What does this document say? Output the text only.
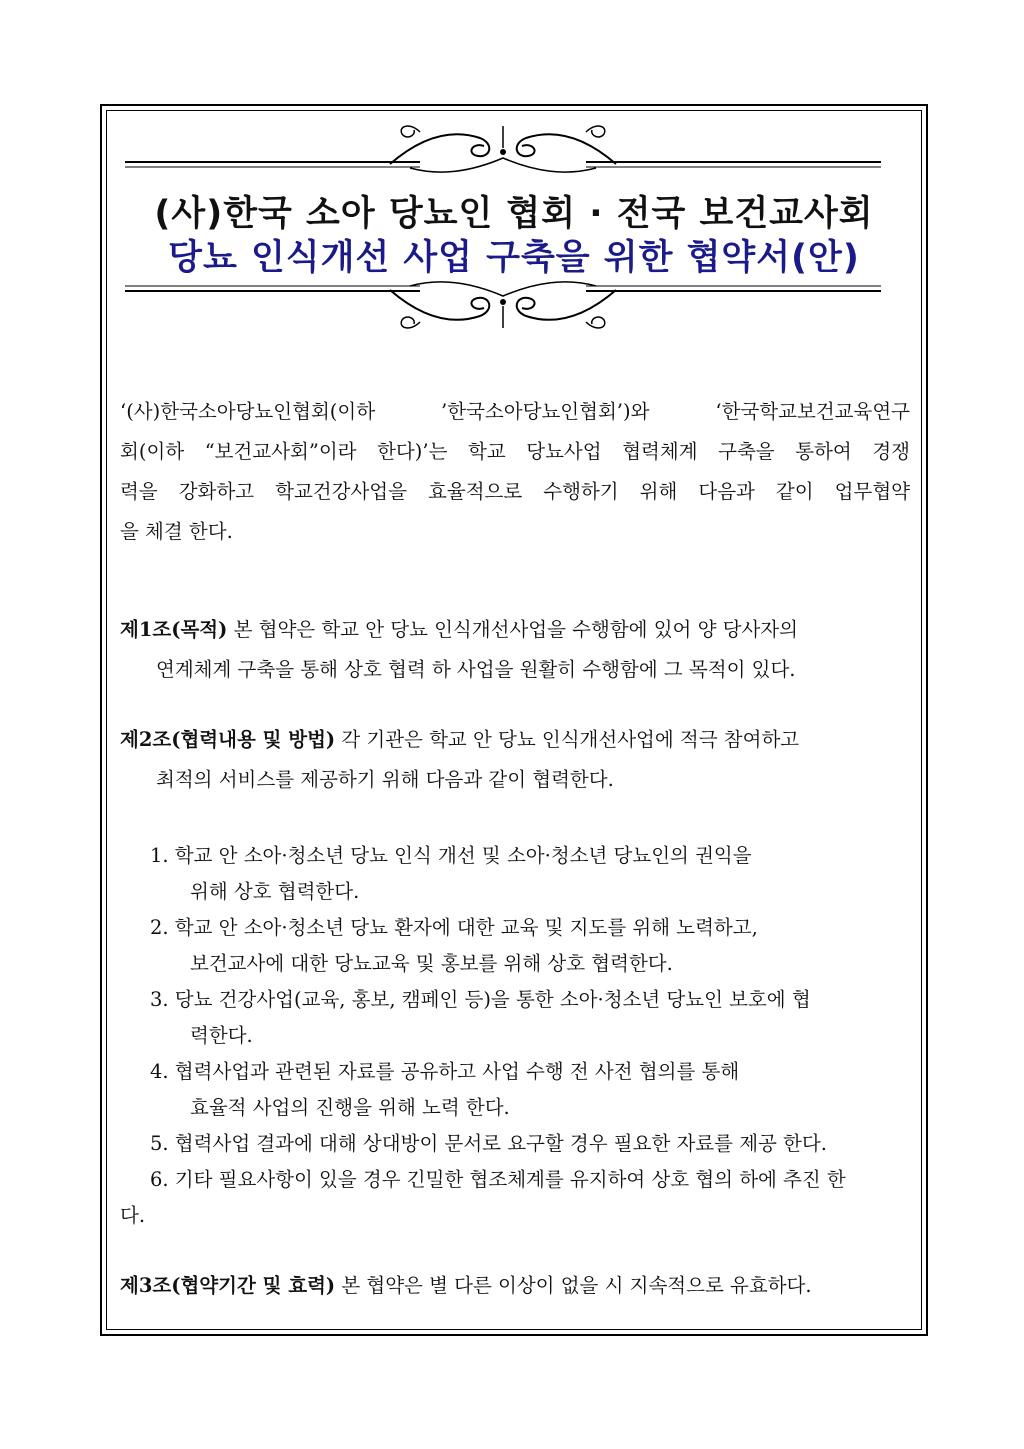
(사)한국 소아 당뇨인 협회 · 전국 보건교사회
당뇨 인식개선 사업 구축을 위한 협약서(안)
‘(사)한국소아당뇨인협회(이하 ’한국소아당뇨인협회’)와 ‘한국학교보건교육연구
회(이하 “보건교사회”이라 한다)’는 학교 당뇨사업 협력체계 구축을 통하여 경쟁
력을 강화하고 학교건강사업을 효율적으로 수행하기 위해 다음과 같이 업무협약
을 체결 한다.
제1조(목적) 본 협약은 학교 안 당뇨 인식개선사업을 수행함에 있어 양 당사자의
연계체계 구축을 통해 상호 협력 하 사업을 원활히 수행함에 그 목적이 있다.
제2조(협력내용 및 방법) 각 기관은 학교 안 당뇨 인식개선사업에 적극 참여하고
최적의 서비스를 제공하기 위해 다음과 같이 협력한다.
1. 학교 안 소아·청소년 당뇨 인식 개선 및 소아·청소년 당뇨인의 권익을
위해 상호 협력한다.
2. 학교 안 소아·청소년 당뇨 환자에 대한 교육 및 지도를 위해 노력하고,
보건교사에 대한 당뇨교육 및 홍보를 위해 상호 협력한다.
3. 당뇨 건강사업(교육, 홍보, 캠페인 등)을 통한 소아·청소년 당뇨인 보호에 협
력한다.
4. 협력사업과 관련된 자료를 공유하고 사업 수행 전 사전 협의를 통해
효율적 사업의 진행을 위해 노력 한다.
5. 협력사업 결과에 대해 상대방이 문서로 요구할 경우 필요한 자료를 제공 한다.
6. 기타 필요사항이 있을 경우 긴밀한 협조체계를 유지하여 상호 협의 하에 추진 한
다.
제3조(협약기간 및 효력) 본 협약은 별 다른 이상이 없을 시 지속적으로 유효하다.
